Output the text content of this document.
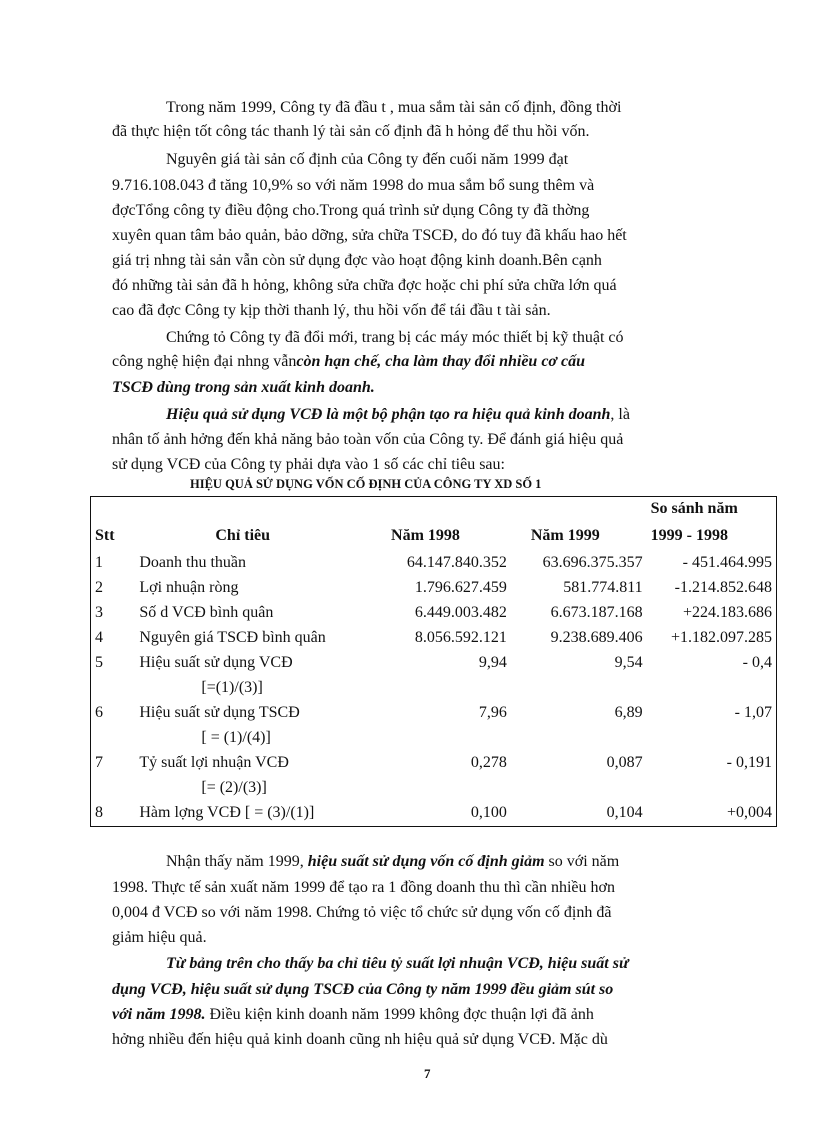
Trong năm 1999, Công ty đã đầu t , mua sắm tài sản cố định, đồng thời
đã thực hiện tốt công tác thanh lý tài sản cố định đã h hỏng để thu hồi vốn.
Nguyên giá tài sản cố định của Công ty đến cuối năm 1999 đạt
9.716.108.043 đ tăng 10,9% so với năm 1998 do mua sắm bổ sung thêm và
đợcTổng công ty điều động cho.Trong quá trình sử dụng Công ty đã thờng
xuyên quan tâm bảo quản, bảo dỡng, sửa chữa TSCĐ, do đó tuy đã khấu hao hết
giá trị nhng tài sản vẫn còn sử dụng đợc vào hoạt động kinh doanh.Bên cạnh
đó những tài sản đã h hỏng, không sửa chữa đợc hoặc chi phí sửa chữa lớn quá
cao đã đợc Công ty kịp thời thanh lý, thu hồi vốn để tái đầu t tài sản.
Chứng tỏ Công ty đã đổi mới, trang bị các máy móc thiết bị kỹ thuật có
công nghệ hiện đại nhng vẫncòn hạn chế, cha làm thay đổi nhiều cơ cấu
TSCĐ dùng trong sản xuất kinh doanh.
Hiệu quả sử dụng VCĐ là một bộ phận tạo ra hiệu quả kinh doanh, là
nhân tố ảnh hởng đến khả năng bảo toàn vốn của Công ty. Để đánh giá hiệu quả
sử dụng VCĐ của Công ty phải dựa vào 1 số các chỉ tiêu sau:
HIỆU QUẢ SỬ DỤNG VỐN CỐ ĐỊNH CỦA CÔNG TY XD SỐ 1
				So sánh năm
Stt	Chỉ tiêu	Năm 1998	Năm 1999	1999 - 1998
1	Doanh thu thuần	64.147.840.352	63.696.375.357	- 451.464.995
2	Lợi nhuận ròng	1.796.627.459	581.774.811	-1.214.852.648
3	Số d VCĐ bình quân	6.449.003.482	6.673.187.168	+224.183.686
4	Nguyên giá TSCĐ bình quân	8.056.592.121	9.238.689.406	+1.182.097.285
5	Hiệu suất sử dụng VCĐ	9,94	9,54	- 0,4
	[=(1)/(3)]			
6	Hiệu suất sử dụng TSCĐ	7,96	6,89	- 1,07
	[ = (1)/(4)]			
7	Tỷ suất lợi nhuận VCĐ	0,278	0,087	- 0,191
	[= (2)/(3)]			
8	Hàm lợng VCĐ [ = (3)/(1)]	0,100	0,104	+0,004
Nhận thấy năm 1999, hiệu suất sử dụng vốn cố định giảm so với năm
1998. Thực tế sản xuất năm 1999 để tạo ra 1 đồng doanh thu thì cần nhiều hơn
0,004 đ VCĐ so với năm 1998. Chứng tỏ việc tổ chức sử dụng vốn cố định đã
giảm hiệu quả.
Từ bảng trên cho thấy ba chỉ tiêu tỷ suất lợi nhuận VCĐ, hiệu suất sử
dụng VCĐ, hiệu suất sử dụng TSCĐ của Công ty năm 1999 đều giảm sút so
với năm 1998. Điều kiện kinh doanh năm 1999 không đợc thuận lợi đã ảnh
hởng nhiều đến hiệu quả kinh doanh cũng nh hiệu quả sử dụng VCĐ. Mặc dù
7
